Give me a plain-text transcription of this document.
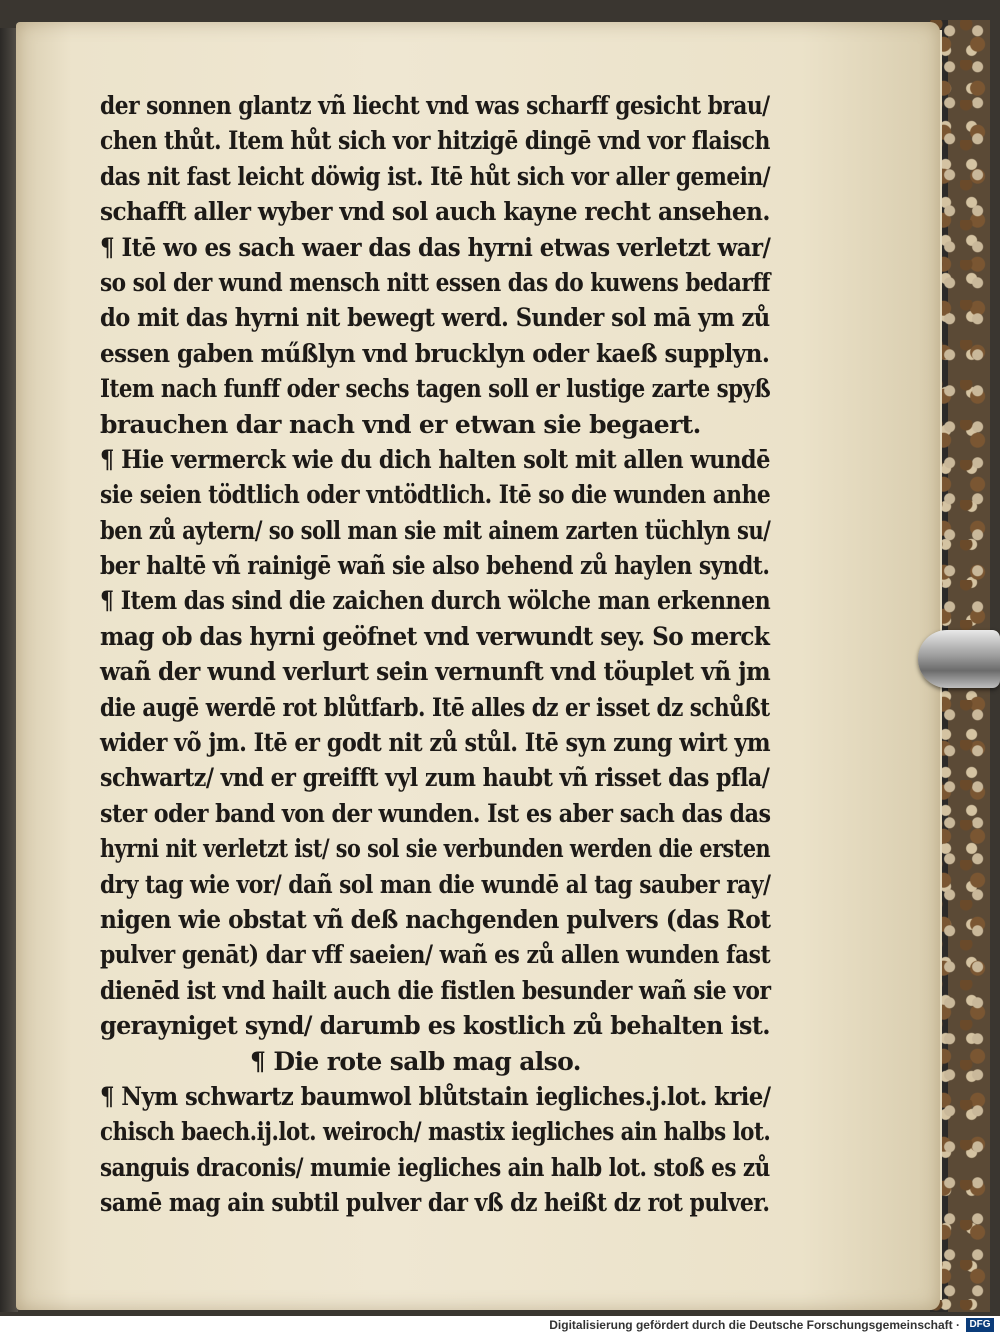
der sonnen glantz vñ liecht vnd was scharff gesicht brau/
chen thůt. Item hůt sich vor hitzigē dingē vnd vor flaisch
das nit fast leicht döwig ist. Itē hůt sich vor aller gemein/
schafft aller wyber vnd sol auch kayne recht ansehen.
¶ Itē wo es sach waer das das hyrni etwas verletzt war/
so sol der wund mensch nitt essen das do kuwens bedarff
do mit das hyrni nit bewegt werd. Sunder sol mā ym zů
essen gaben műßlyn vnd brucklyn oder kaeß supplyn.
Item nach funff oder sechs tagen soll er lustige zarte spyß
brauchen dar nach vnd er etwan sie begaert.
¶ Hie vermerck wie du dich halten solt mit allen wundē
sie seien tödtlich oder vntödtlich. Itē so die wunden anhe
ben zů aytern/ so soll man sie mit ainem zarten tüchlyn su/
ber haltē vñ rainigē wañ sie also behend zů haylen syndt.
¶ Item das sind die zaichen durch wölche man erkennen
mag ob das hyrni geöfnet vnd verwundt sey. So merck
wañ der wund verlurt sein vernunft vnd töuplet vñ jm
die augē werdē rot blůtfarb. Itē alles dz er isset dz schůßt
wider võ jm. Itē er godt nit zů stůl. Itē syn zung wirt ym
schwartz/ vnd er greifft vyl zum haubt vñ risset das pfla/
ster oder band von der wunden. Ist es aber sach das das
hyrni nit verletzt ist/ so sol sie verbunden werden die ersten
dry tag wie vor/ dañ sol man die wundē al tag sauber ray/
nigen wie obstat vñ deß nachgenden pulvers (das Rot
pulver genāt) dar vff saeien/ wañ es zů allen wunden fast
dienēd ist vnd hailt auch die fistlen besunder wañ sie vor
gerayniget synd/ darumb es kostlich zů behalten ist.
¶ Die rote salb mag also.
¶ Nym schwartz baumwol blůtstain iegliches.j.lot. krie/
chisch baech.ij.lot. weiroch/ mastix iegliches ain halbs lot.
sanguis draconis/ mumie iegliches ain halb lot. stoß es zů
samē mag ain subtil pulver dar vß dz heißt dz rot pulver.
Digitalisierung gefördert durch die Deutsche Forschungsgemeinschaft · DFG
